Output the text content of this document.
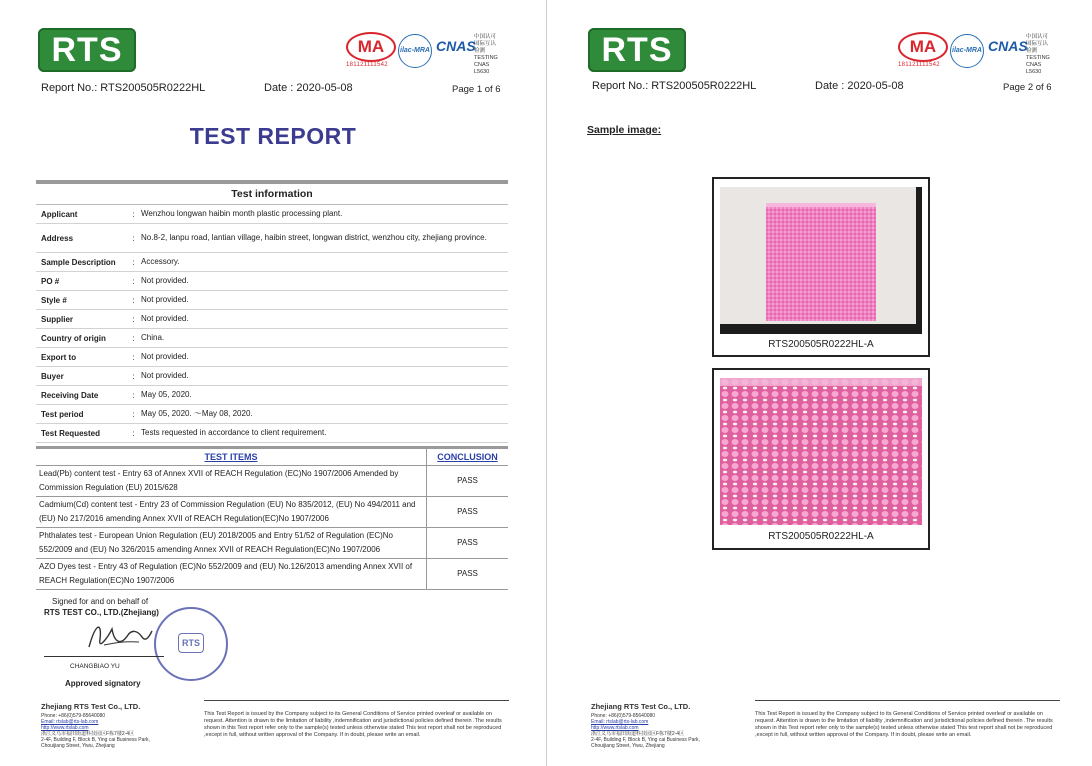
RTS	MA
181121111542
ilac-MRA CNAS
中国认可
国际互认
检测
TESTING
CNAS L5630
Report No.: RTS200505R0222HL	Date : 2020-05-08	Page 1 of 6
TEST REPORT
Test information
Applicant	: Wenzhou longwan haibin month plastic processing plant.
Address	: No.8-2, lanpu road, lantian village, haibin street, longwan district, wenzhou city, zhejiang province.
Sample Description	: Accessory.
PO #	: Not provided.
Style #	: Not provided.
Supplier	: Not provided.
Country of origin	: China.
Export to	: Not provided.
Buyer	: Not provided.
Receiving Date	: May 05, 2020.
Test period	: May 05, 2020. ～May 08, 2020.
Test Requested	: Tests requested in accordance to client requirement.
TEST ITEMS	CONCLUSION
Lead(Pb) content test - Entry 63 of Annex XVII of REACH Regulation (EC)No 1907/2006 Amended by Commission Regulation (EU) 2015/628	PASS
Cadmium(Cd) content test - Entry 23 of Commission Regulation (EU) No 835/2012, (EU) No 494/2011 and (EU) No 217/2016 amending Annex XVII of REACH Regulation(EC)No 1907/2006	PASS
Phthalates test - European Union Regulation (EU) 2018/2005 and Entry 51/52 of Regulation (EC)No 552/2009 and (EU) No 326/2015 amending Annex XVII of REACH Regulation(EC)No 1907/2006	PASS
AZO Dyes test - Entry 43 of Regulation (EC)No 552/2009 and (EU) No.126/2013 amending Annex XVII of REACH Regulation(EC)No 1907/2006	PASS
Signed for and on behalf of
RTS TEST CO., LTD.(Zhejiang)
RTS
CHANGBIAO YU
Approved signatory
Zhejiang RTS Test Co., LTD.
Phone: +86(0)579-85640080
Email: rtslab@rts-lab.com
http://www.rtslab.com
浙江义乌市福田街道科技园区F栋7楼2-4区
2-4F, Building F, Block B, Ying cai Business Park,
Chouijiang Street, Yiwu, Zhejiang
This Test Report is issued by the Company subject to its General Conditions of Service printed overleaf or available on request. Attention is drawn to the limitation of liability ,indemnification and jurisdictional policies defined therein .The results shown in this Test report refer only to the sample(s) tested unless otherwise stated This test report shall not be reproduced ,except in full, without written approval of the Company. If in doubt, please write an email.
RTS	MA
181121111542
ilac-MRA CNAS
中国认可
国际互认
检测
TESTING
CNAS L5630
Report No.: RTS200505R0222HL	Date : 2020-05-08	Page 2 of 6
Sample image:
RTS200505R0222HL-A
RTS200505R0222HL-A
Zhejiang RTS Test Co., LTD.
Phone: +86(0)579-85640080
Email: rtslab@rts-lab.com
http://www.rtslab.com
浙江义乌市福田街道科技园区F栋7楼2-4区
2-4F, Building F, Block B, Ying cai Business Park,
Chouijiang Street, Yiwu, Zhejiang
This Test Report is issued by the Company subject to its General Conditions of Service printed overleaf or available on request. Attention is drawn to the limitation of liability ,indemnification and jurisdictional policies defined therein .The results shown in this Test report refer only to the sample(s) tested unless otherwise stated This test report shall not be reproduced ,except in full, without written approval of the Company. If in doubt, please write an email.
